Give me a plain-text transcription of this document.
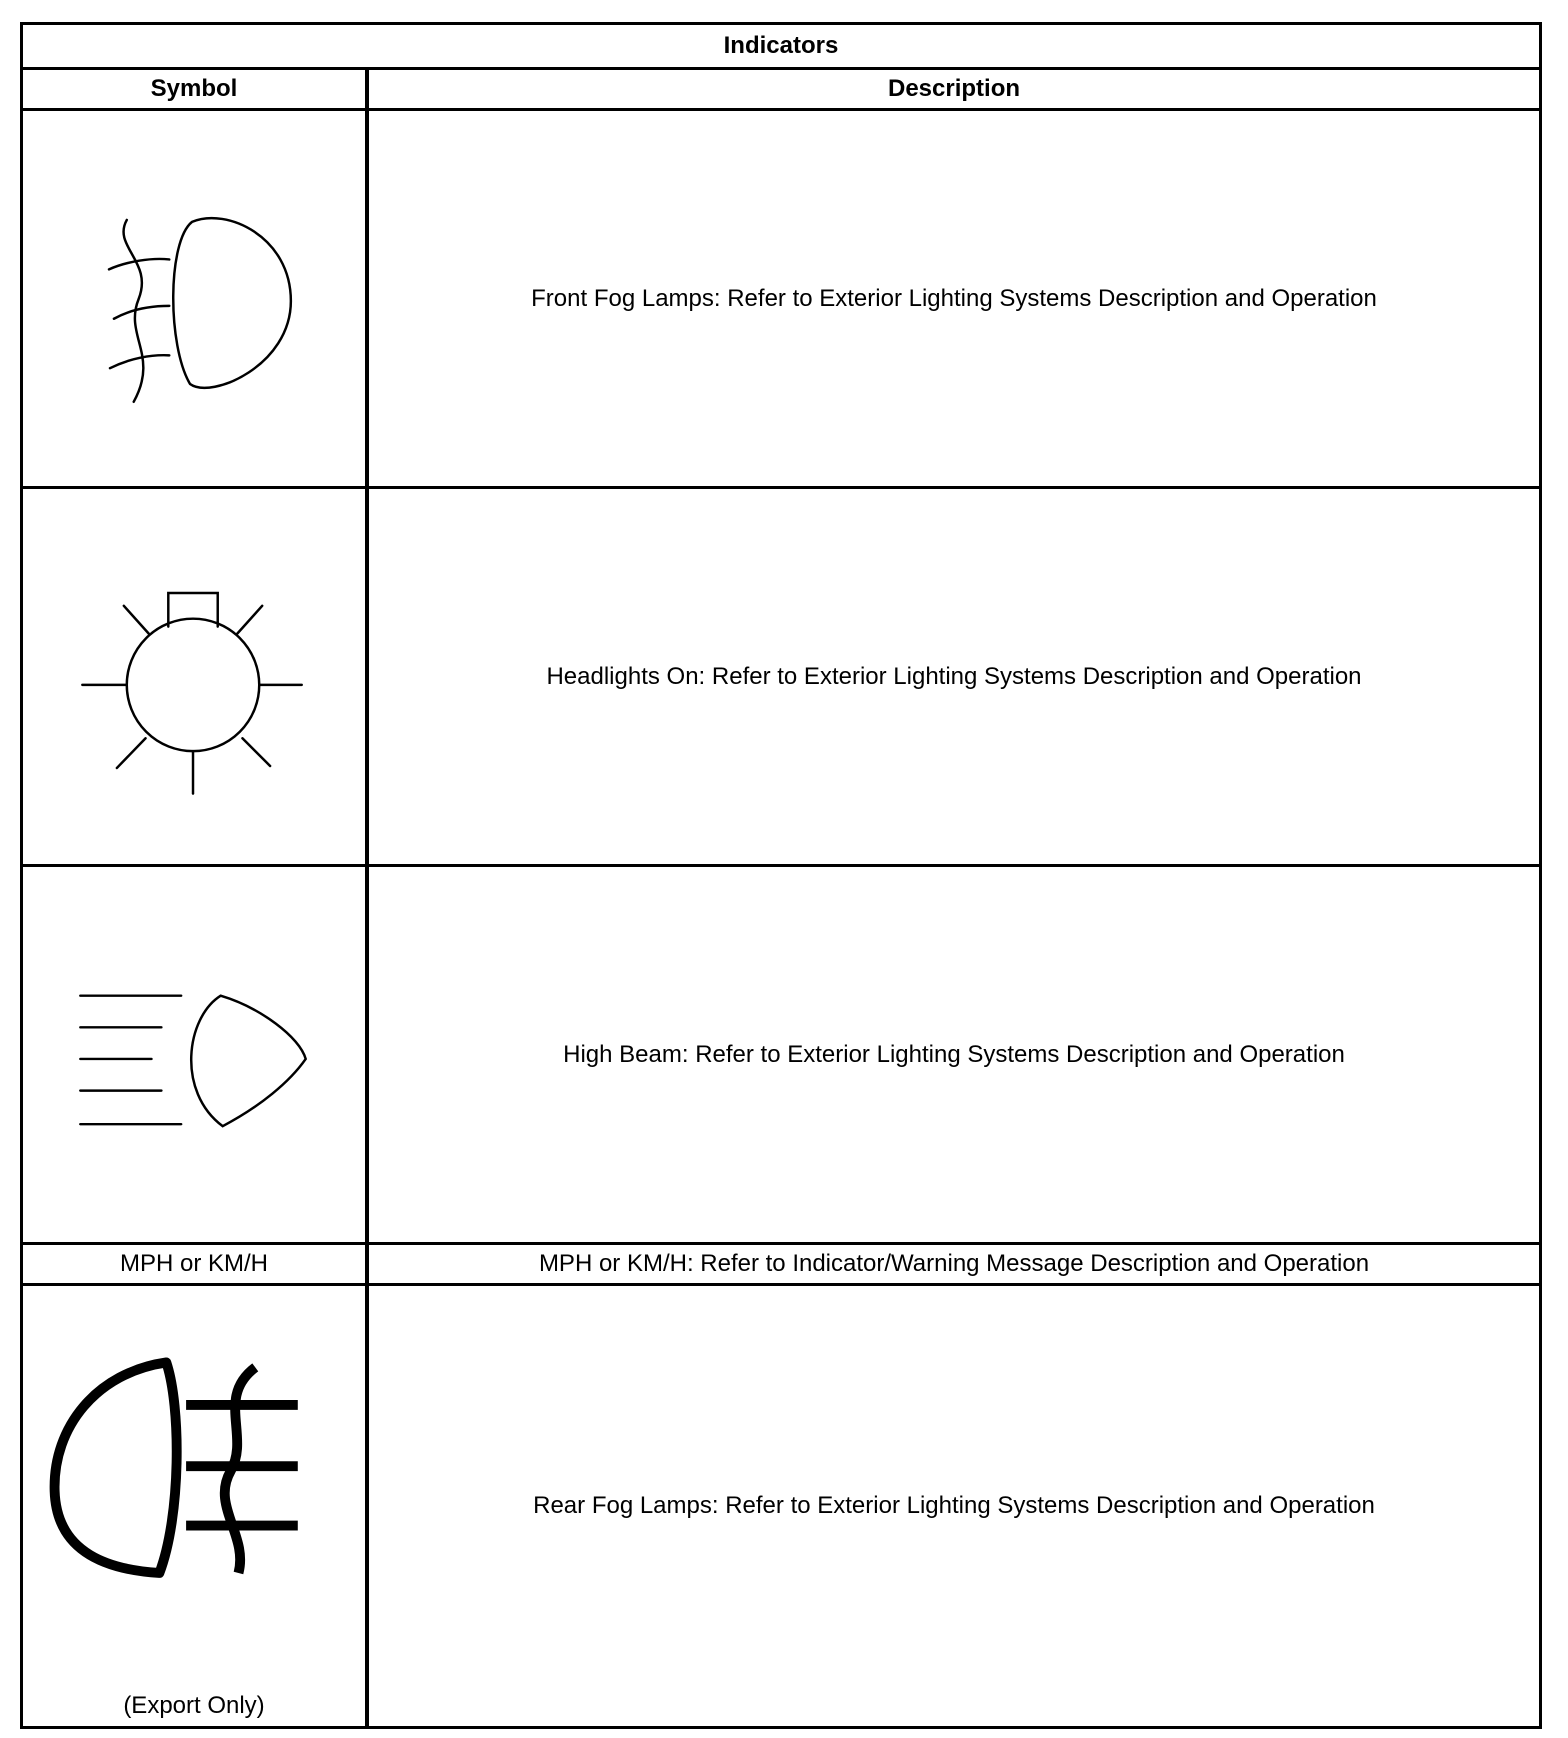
Indicators
Symbol	Description
Front Fog Lamps: Refer to Exterior Lighting Systems Description and Operation
Headlights On: Refer to Exterior Lighting Systems Description and Operation
High Beam: Refer to Exterior Lighting Systems Description and Operation
MPH or KM/H	MPH or KM/H: Refer to Indicator/Warning Message Description and Operation
(Export Only)
Rear Fog Lamps: Refer to Exterior Lighting Systems Description and Operation
